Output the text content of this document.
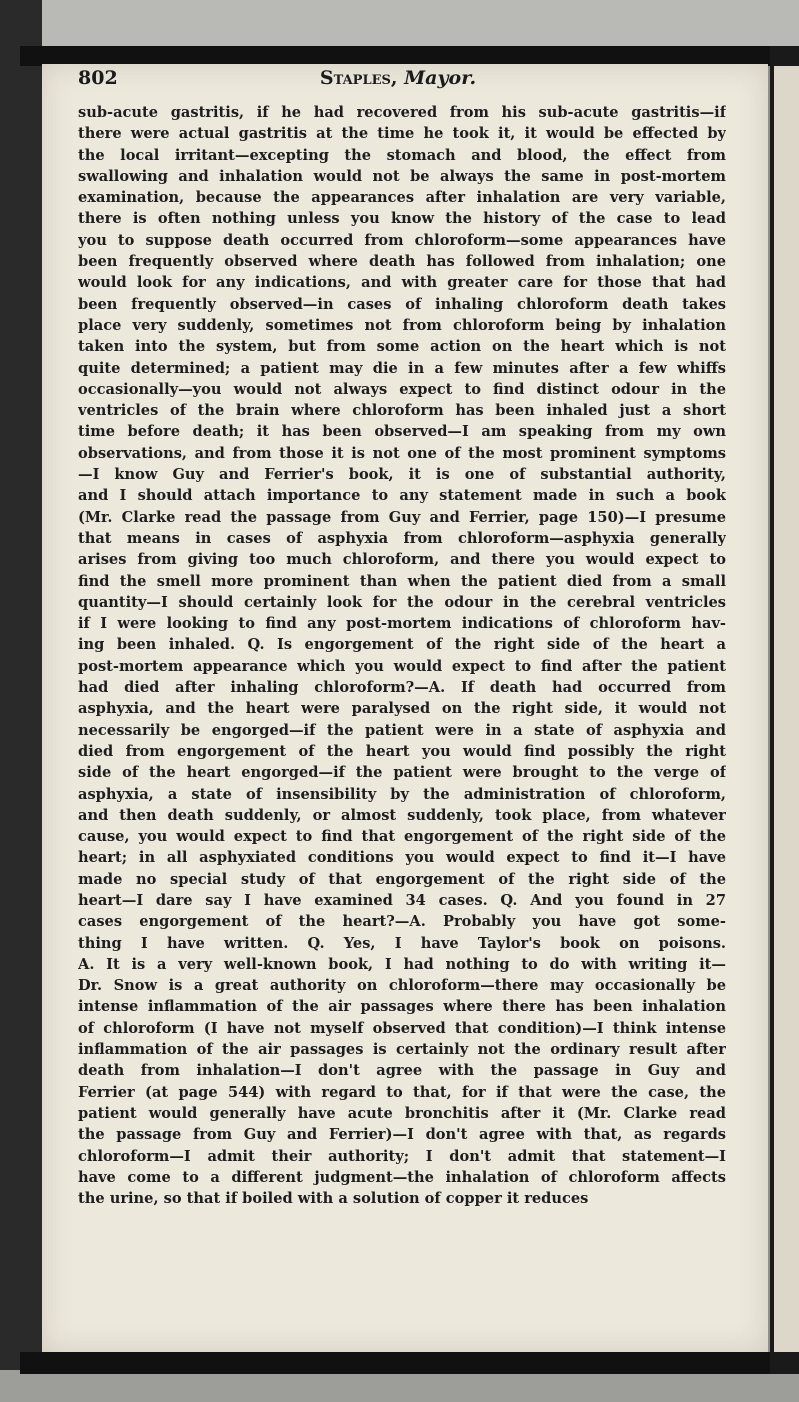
802	Staples, Mayor.
sub-acute gastritis, if he had recovered from his sub-acute gastritis—if
there were actual gastritis at the time he took it, it would be effected by
the local irritant—excepting the stomach and blood, the effect from
swallowing and inhalation would not be always the same in post-mortem
examination, because the appearances after inhalation are very variable,
there is often nothing unless you know the history of the case to lead
you to suppose death occurred from chloroform—some appearances have
been frequently observed where death has followed from inhalation; one
would look for any indications, and with greater care for those that had
been frequently observed—in cases of inhaling chloroform death takes
place very suddenly, sometimes not from chloroform being by inhalation
taken into the system, but from some action on the heart which is not
quite determined; a patient may die in a few minutes after a few whiffs
occasionally—you would not always expect to find distinct odour in the
ventricles of the brain where chloroform has been inhaled just a short
time before death; it has been observed—I am speaking from my own
observations, and from those it is not one of the most prominent symptoms
—I know Guy and Ferrier's book, it is one of substantial authority,
and I should attach importance to any statement made in such a book
(Mr. Clarke read the passage from Guy and Ferrier, page 150)—I presume
that means in cases of asphyxia from chloroform—asphyxia generally
arises from giving too much chloroform, and there you would expect to
find the smell more prominent than when the patient died from a small
quantity—I should certainly look for the odour in the cerebral ventricles
if I were looking to find any post-mortem indications of chloroform hav-
ing been inhaled. Q. Is engorgement of the right side of the heart a
post-mortem appearance which you would expect to find after the patient
had died after inhaling chloroform?—A. If death had occurred from
asphyxia, and the heart were paralysed on the right side, it would not
necessarily be engorged—if the patient were in a state of asphyxia and
died from engorgement of the heart you would find possibly the right
side of the heart engorged—if the patient were brought to the verge of
asphyxia, a state of insensibility by the administration of chloroform,
and then death suddenly, or almost suddenly, took place, from whatever
cause, you would expect to find that engorgement of the right side of the
heart; in all asphyxiated conditions you would expect to find it—I have
made no special study of that engorgement of the right side of the
heart—I dare say I have examined 34 cases. Q. And you found in 27
cases engorgement of the heart?—A. Probably you have got some-
thing I have written. Q. Yes, I have Taylor's book on poisons.
A. It is a very well-known book, I had nothing to do with writing it—
Dr. Snow is a great authority on chloroform—there may occasionally be
intense inflammation of the air passages where there has been inhalation
of chloroform (I have not myself observed that condition)—I think intense
inflammation of the air passages is certainly not the ordinary result after
death from inhalation—I don't agree with the passage in Guy and
Ferrier (at page 544) with regard to that, for if that were the case, the
patient would generally have acute bronchitis after it (Mr. Clarke read
the passage from Guy and Ferrier)—I don't agree with that, as regards
chloroform—I admit their authority; I don't admit that statement—I
have come to a different judgment—the inhalation of chloroform affects
the urine, so that if boiled with a solution of copper it reduces
